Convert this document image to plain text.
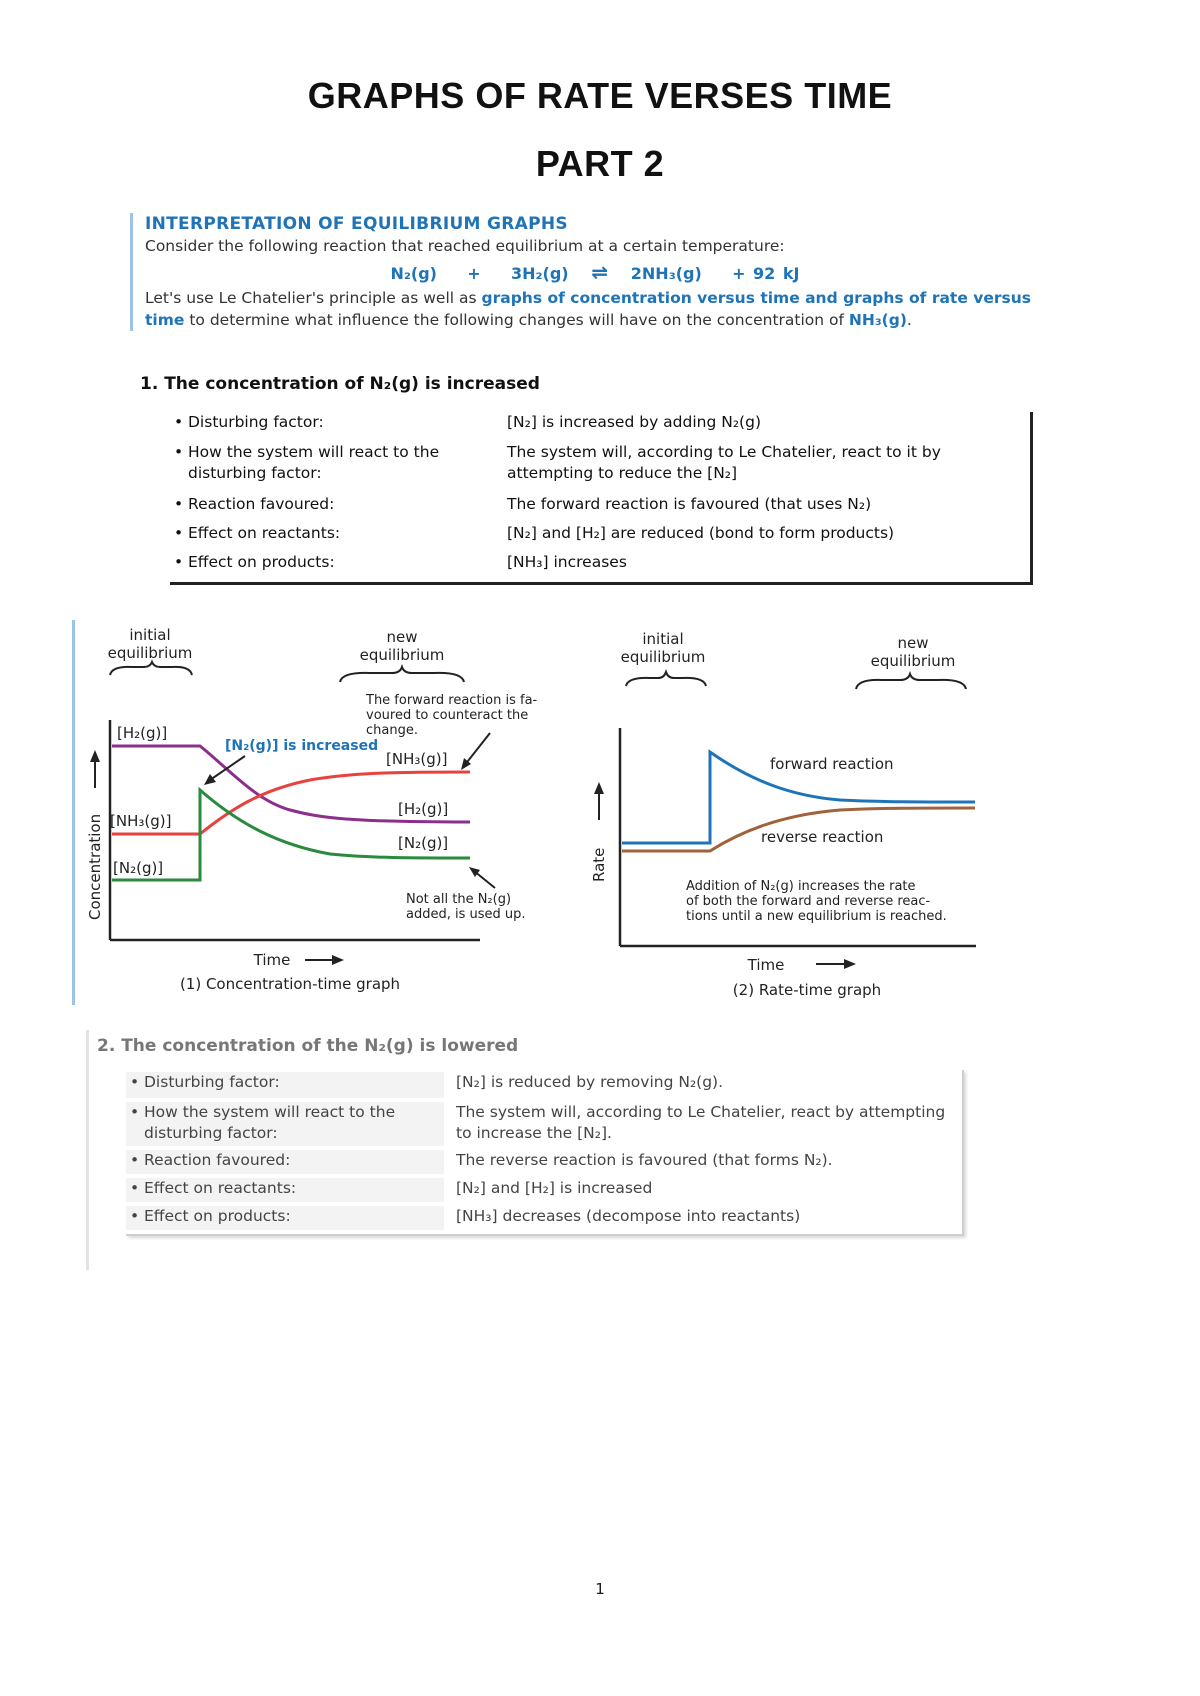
GRAPHS OF RATE VERSES TIME
PART 2
INTERPRETATION OF EQUILIBRIUM GRAPHS
Consider the following reaction that reached equilibrium at a certain temperature:
N₂(g) + 3H₂(g) ⇌ 2NH₃(g) + 92 kJ
Let's use Le Chatelier's principle as well as graphs of concentration versus time and graphs of rate versus time to determine what influence the following changes will have on the concentration of NH₃(g).
1. The concentration of N₂(g) is increased
• Disturbing factor:	[N₂] is increased by adding N₂(g)
• How the system will react to the disturbing factor:
The system will, according to Le Chatelier, react to it by attempting to reduce the [N₂]
• Reaction favoured:	The forward reaction is favoured (that uses N₂)
• Effect on reactants:	[N₂] and [H₂] are reduced (bond to form products)
• Effect on products:	[NH₃] increases
initial
equilibrium
new
equilibrium
The forward reaction is fa-
voured to counteract the
change.
Concentration
[H₂(g)]
[NH₃(g)]
[N₂(g)]
[N₂(g)] is increased
[NH₃(g)]
[H₂(g)]
[N₂(g)]
Not all the N₂(g)
added, is used up.
Time
(1) Concentration-time graph
initial
equilibrium
new
equilibrium
Rate
forward reaction
reverse reaction
Addition of N₂(g) increases the rate
of both the forward and reverse reac-
tions until a new equilibrium is reached.
Time
(2) Rate-time graph
2. The concentration of the N₂(g) is lowered
• Disturbing factor:	[N₂] is reduced by removing N₂(g).
• How the system will react to the disturbing factor:
The system will, according to Le Chatelier, react by attempting to increase the [N₂].
• Reaction favoured:	The reverse reaction is favoured (that forms N₂).
• Effect on reactants:	[N₂] and [H₂] is increased
• Effect on products:	[NH₃] decreases (decompose into reactants)
1
